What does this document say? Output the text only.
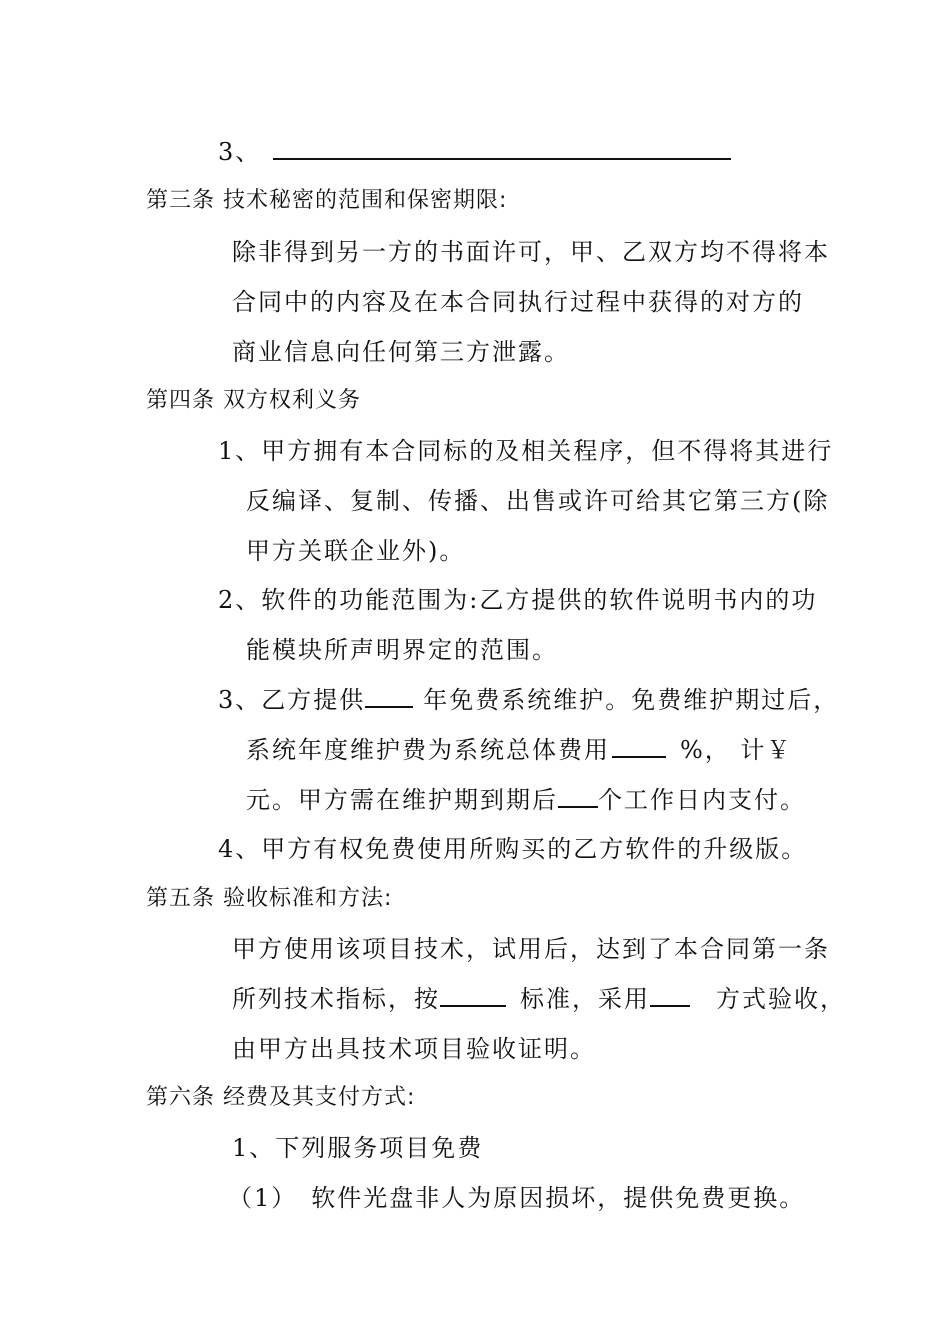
3、
第三条 技术秘密的范围和保密期限:
除非得到另一方的书面许可，甲、乙双方均不得将本
合同中的内容及在本合同执行过程中获得的对方的
商业信息向任何第三方泄露。
第四条 双方权利义务
1、甲方拥有本合同标的及相关程序，但不得将其进行
反编译、复制、传播、出售或许可给其它第三方(除
甲方关联企业外)。
2、软件的功能范围为:乙方提供的软件说明书内的功
能模块所声明界定的范围。
3、乙方提供 年免费系统维护。免费维护期过后，
系统年度维护费为系统总体费用	%， 计￥
元。甲方需在维护期到期后 个工作日内支付。
4、甲方有权免费使用所购买的乙方软件的升级版。
第五条 验收标准和方法:
甲方使用该项目技术，试用后，达到了本合同第一条
所列技术指标，按	标准，采用	方式验收，
由甲方出具技术项目验收证明。
第六条 经费及其支付方式:
1、下列服务项目免费
（1） 软件光盘非人为原因损坏，提供免费更换。
